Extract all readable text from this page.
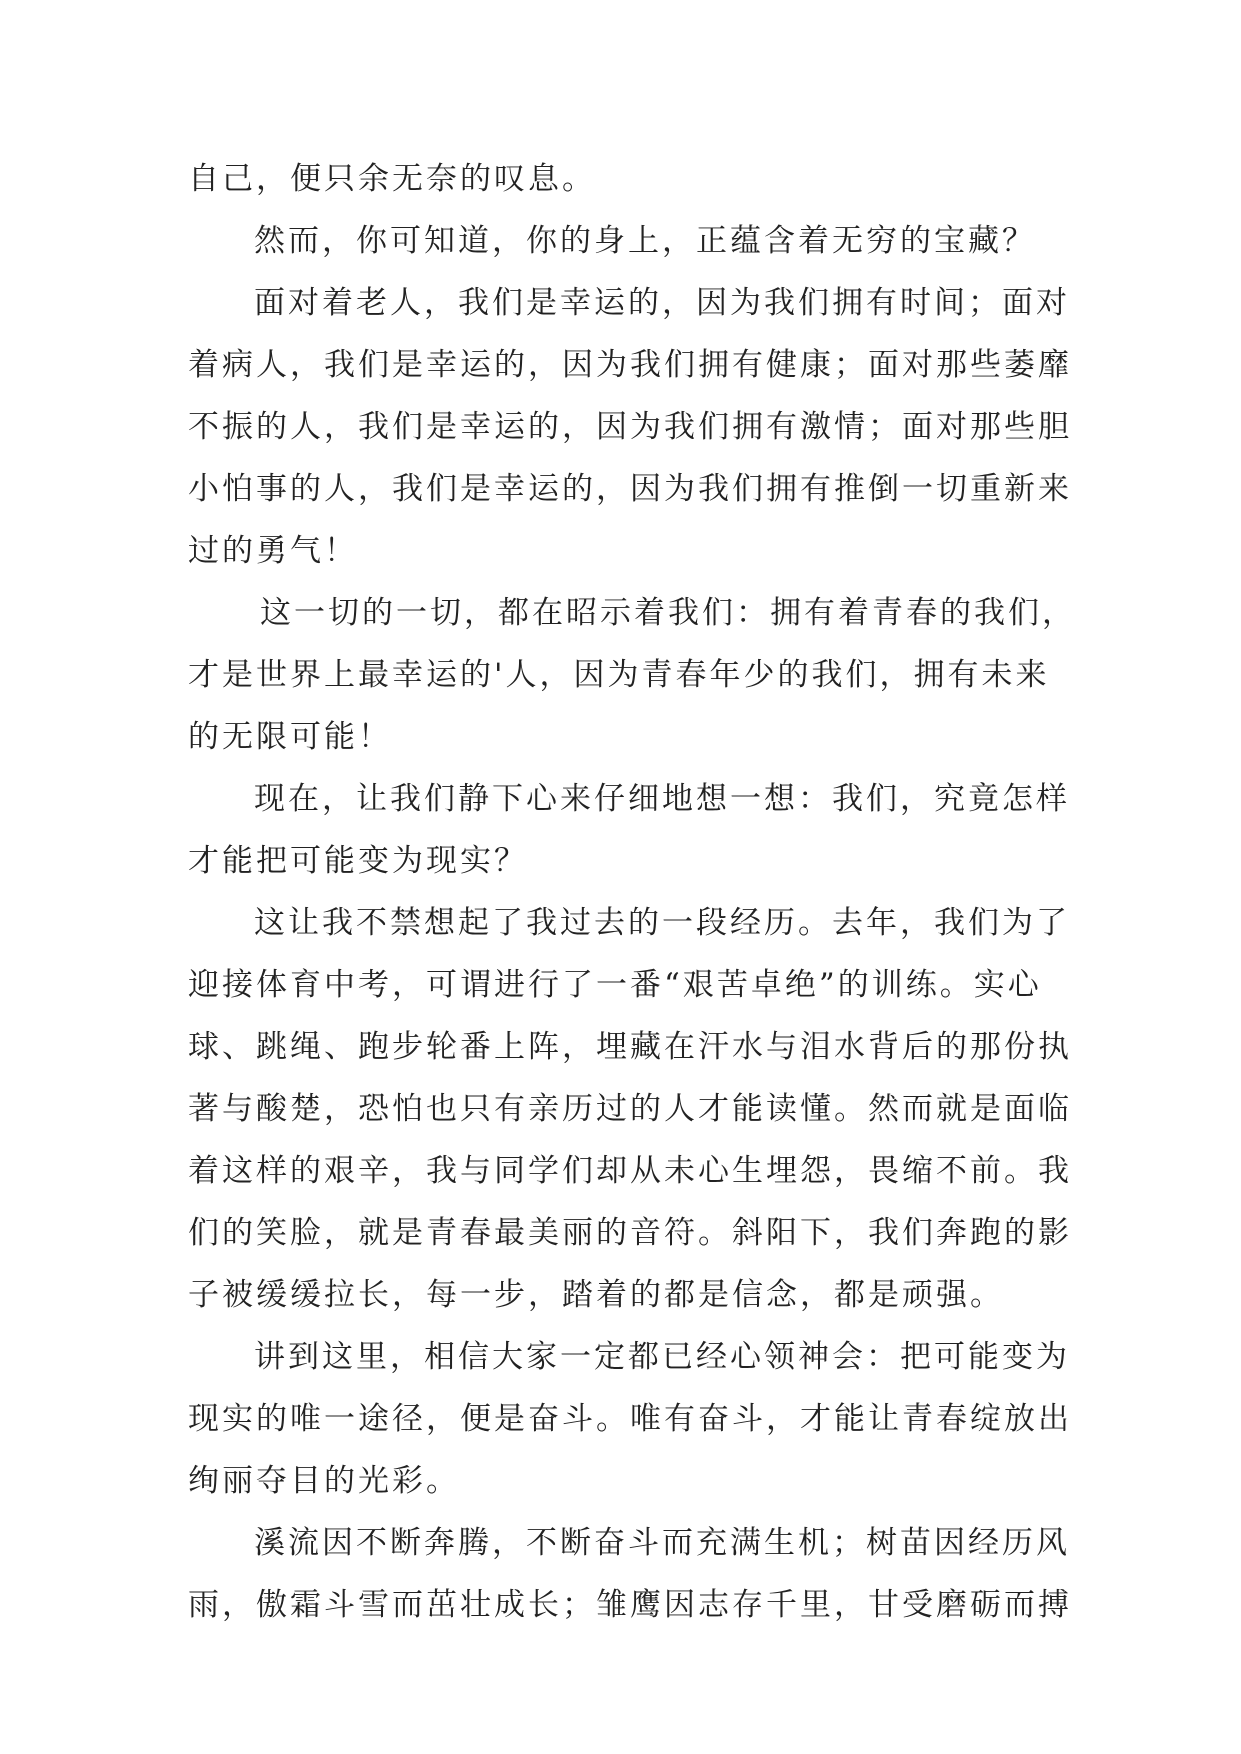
自己，便只余无奈的叹息。
然而，你可知道，你的身上，正蕴含着无穷的宝藏？
面对着老人，我们是幸运的，因为我们拥有时间；面对
着病人，我们是幸运的，因为我们拥有健康；面对那些萎靡
不振的人，我们是幸运的，因为我们拥有激情；面对那些胆
小怕事的人，我们是幸运的，因为我们拥有推倒一切重新来
过的勇气！
这一切的一切，都在昭示着我们：拥有着青春的我们，
才是世界上最幸运的'人，因为青春年少的我们，拥有未来
的无限可能！
现在，让我们静下心来仔细地想一想：我们，究竟怎样
才能把可能变为现实？
这让我不禁想起了我过去的一段经历。去年，我们为了
迎接体育中考，可谓进行了一番“艰苦卓绝”的训练。实心
球、跳绳、跑步轮番上阵，埋藏在汗水与泪水背后的那份执
著与酸楚，恐怕也只有亲历过的人才能读懂。然而就是面临
着这样的艰辛，我与同学们却从未心生埋怨，畏缩不前。我
们的笑脸，就是青春最美丽的音符。斜阳下，我们奔跑的影
子被缓缓拉长，每一步，踏着的都是信念，都是顽强。
讲到这里，相信大家一定都已经心领神会：把可能变为
现实的唯一途径，便是奋斗。唯有奋斗，才能让青春绽放出
绚丽夺目的光彩。
溪流因不断奔腾，不断奋斗而充满生机；树苗因经历风
雨，傲霜斗雪而茁壮成长；雏鹰因志存千里，甘受磨砺而搏
